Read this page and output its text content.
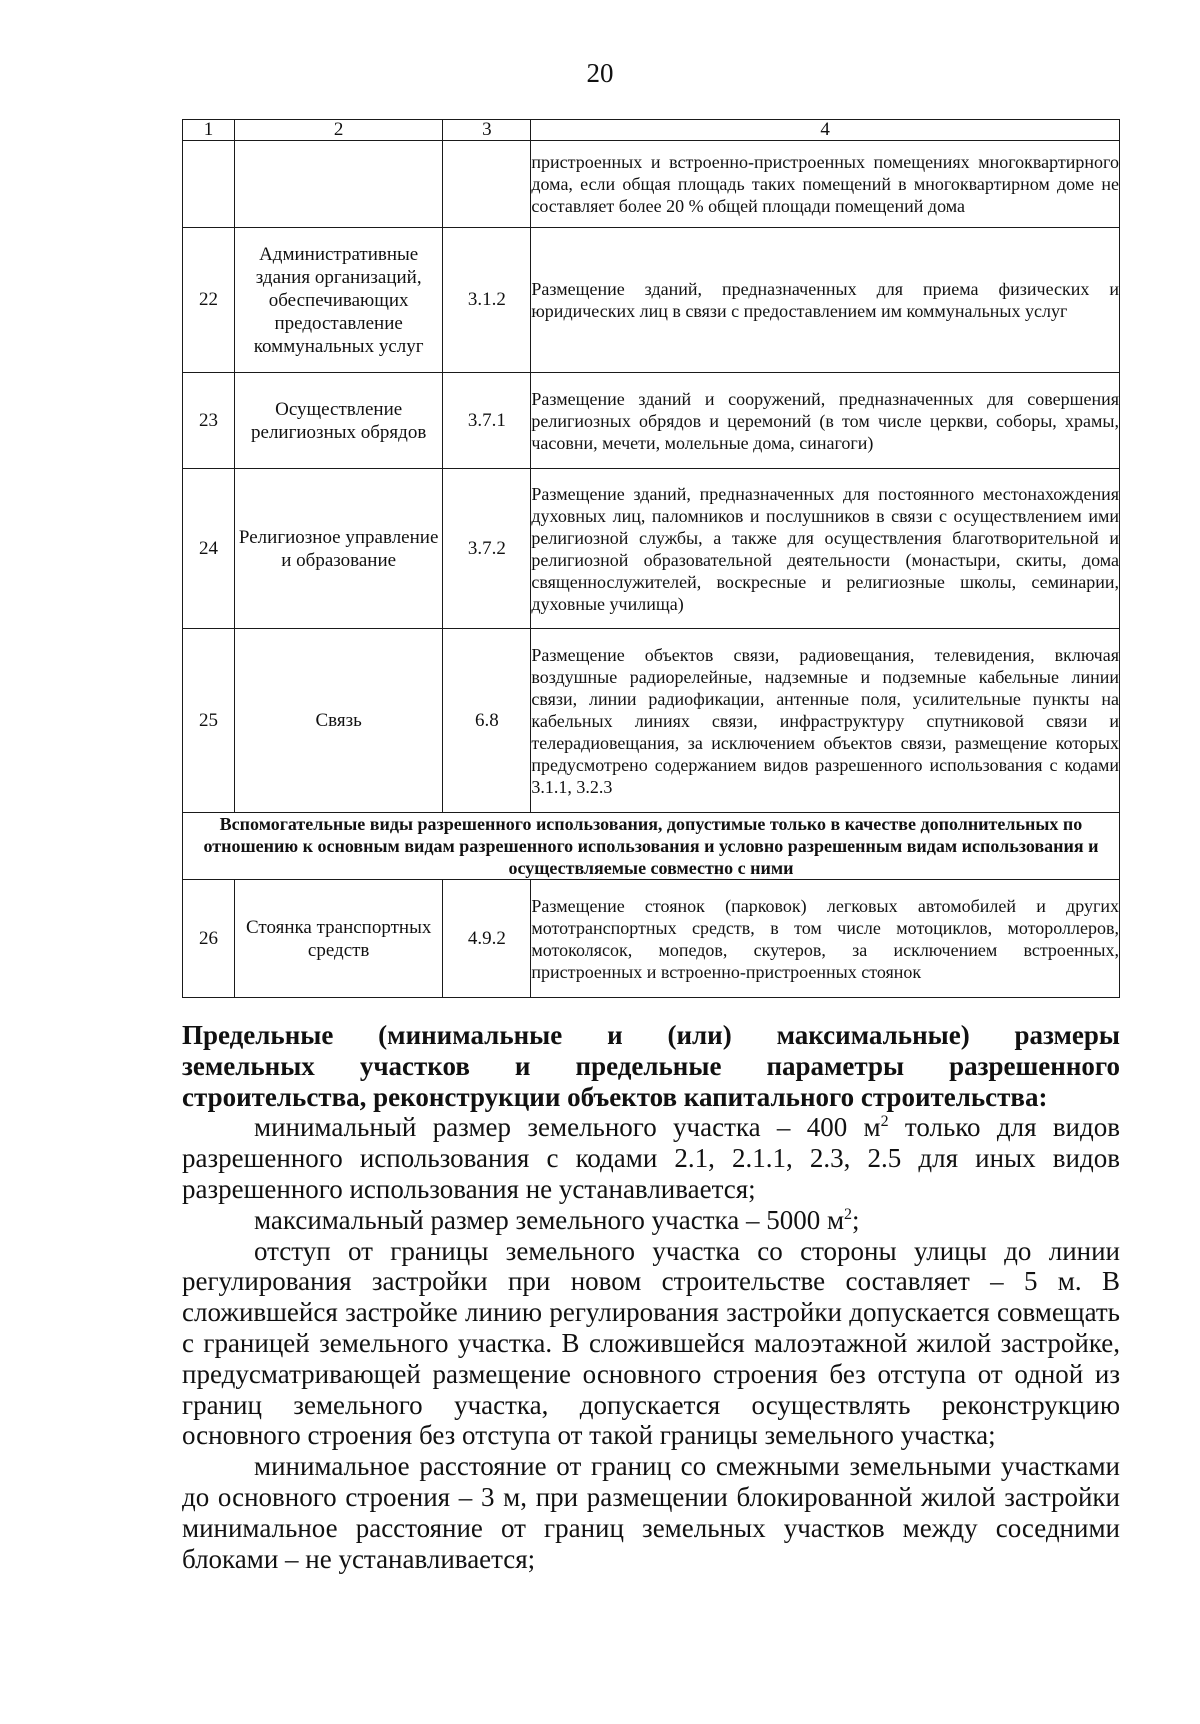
20
1	2	3	4
			пристроенных и встроенно-пристроенных помещениях многоквартирного дома, если общая площадь таких помещений в многоквартирном доме не составляет более 20 % общей площади помещений дома
22	Административные здания организаций, обеспечивающих предоставление коммунальных услуг	3.1.2	Размещение зданий, предназначенных для приема физических и юридических лиц в связи с предоставлением им коммунальных услуг
23	Осуществление религиозных обрядов	3.7.1	Размещение зданий и сооружений, предназначенных для совершения религиозных обрядов и церемоний (в том числе церкви, соборы, храмы, часовни, мечети, молельные дома, синагоги)
24	Религиозное управление и образование	3.7.2	Размещение зданий, предназначенных для постоянного местонахождения духовных лиц, паломников и послушников в связи с осуществлением ими религиозной службы, а также для осуществления благотворительной и религиозной образовательной деятельности (монастыри, скиты, дома священнослужителей, воскресные и религиозные школы, семинарии, духовные училища)
25	Связь	6.8	Размещение объектов связи, радиовещания, телевидения, включая воздушные радиорелейные, надземные и подземные кабельные линии связи, линии радиофикации, антенные поля, усилительные пункты на кабельных линиях связи, инфраструктуру спутниковой связи и телерадиовещания, за исключением объектов связи, размещение которых предусмотрено содержанием видов разрешенного использования с кодами 3.1.1, 3.2.3
Вспомогательные виды разрешенного использования, допустимые только в качестве дополнительных по отношению к основным видам разрешенного использования и условно разрешенным видам использования и осуществляемые совместно с ними			
26	Стоянка транспортных средств	4.9.2	Размещение стоянок (парковок) легковых автомобилей и других мототранспортных средств, в том числе мотоциклов, мотороллеров, мотоколясок, мопедов, скутеров, за исключением встроенных, пристроенных и встроенно-пристроенных стоянок
Предельные (минимальные и (или) максимальные) размеры
земельных участков и предельные параметры разрешенного
строительства, реконструкции объектов капитального строительства:

минимальный размер земельного участка – 400 $м^2$ только для видов разрешенного использования с кодами 2.1, 2.1.1, 2.3, 2.5 для иных видов разрешенного использования не устанавливается;

максимальный размер земельного участка – 5000 $м^2$;

отступ от границы земельного участка со стороны улицы до линии регулирования застройки при новом строительстве составляет – 5 м. В сложившейся застройке линию регулирования застройки допускается совмещать с границей земельного участка. В сложившейся малоэтажной жилой застройке, предусматривающей размещение основного строения без отступа от одной из границ земельного участка, допускается осуществлять реконструкцию основного строения без отступа от такой границы земельного участка;

минимальное расстояние от границ со смежными земельными участками до основного строения – 3 м, при размещении блокированной жилой застройки минимальное расстояние от границ земельных участков между соседними блоками – не устанавливается;
